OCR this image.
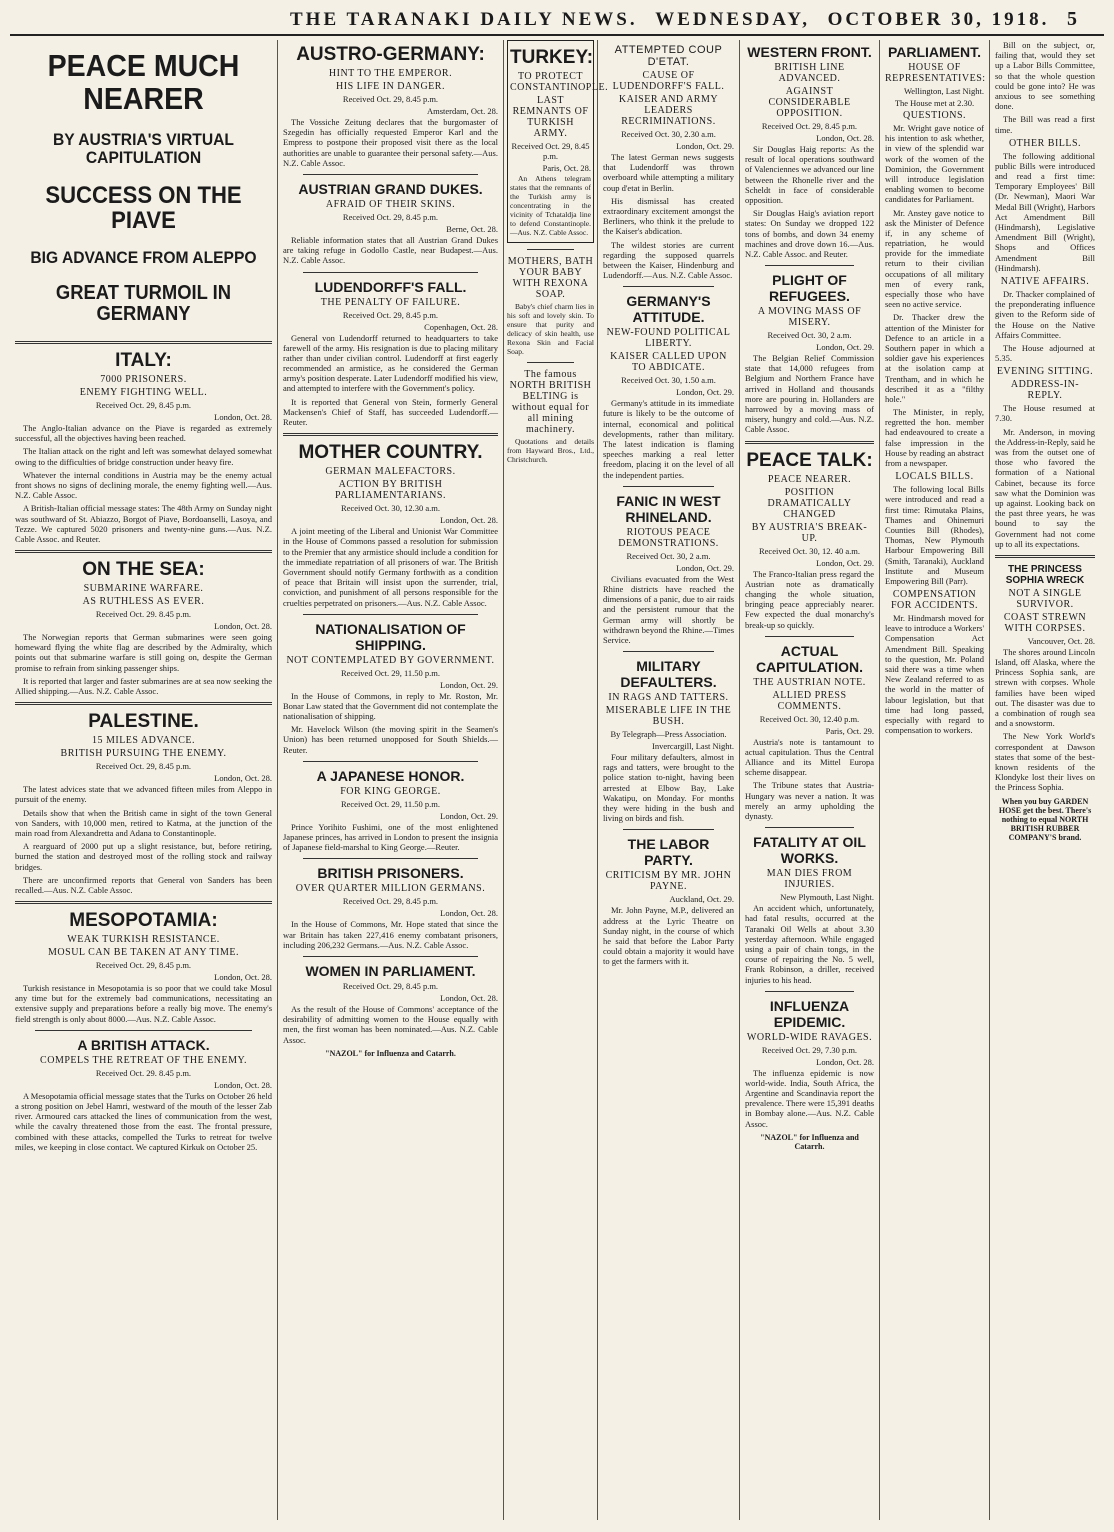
THE TARANAKI DAILY NEWS. WEDNESDAY, OCTOBER 30, 1918. 5
PEACE MUCH NEARER
BY AUSTRIA'S VIRTUAL CAPITULATION
SUCCESS ON THE PIAVE
BIG ADVANCE FROM ALEPPO
GREAT TURMOIL IN GERMANY
ITALY:
7000 PRISONERS.
ENEMY FIGHTING WELL.
Received Oct. 29, 8.45 p.m.
London, Oct. 28.

The Anglo-Italian advance on the Piave is regarded as extremely successful, all the objectives having been reached.

The Italian attack on the right and left was somewhat delayed somewhat owing to the difficulties of bridge construction under heavy fire.

Whatever the internal conditions in Austria may be the enemy actual front shows no signs of declining morale, the enemy fighting well.—Aus. N.Z. Cable Assoc.

A British-Italian official message states: The 48th Army on Sunday night was southward of St. Abiazzo, Borgot of Piave, Bordoanselli, Lasoya, and Tezze. We captured 5020 prisoners and twenty-nine guns.—Aus. N.Z. Cable Assoc. and Reuter.

ON THE SEA:
SUBMARINE WARFARE.
AS RUTHLESS AS EVER.
Received Oct. 29. 8.45 p.m.
London, Oct. 28.

The Norwegian reports that German submarines were seen going homeward flying the white flag are described by the Admiralty, which points out that submarine warfare is still going on, despite the German promise to refrain from sinking passenger ships.

It is reported that larger and faster submarines are at sea now seeking the Allied shipping.—Aus. N.Z. Cable Assoc.

PALESTINE.
15 MILES ADVANCE.
BRITISH PURSUING THE ENEMY.
Received Oct. 29, 8.45 p.m.
London, Oct. 28.

The latest advices state that we advanced fifteen miles from Aleppo in pursuit of the enemy.

Details show that when the British came in sight of the town General von Sanders, with 10,000 men, retired to Katma, at the junction of the main road from Alexandretta and Adana to Constantinople.

A rearguard of 2000 put up a slight resistance, but, before retiring, burned the station and destroyed most of the rolling stock and railway bridges.

There are unconfirmed reports that General von Sanders has been recalled.—Aus. N.Z. Cable Assoc.

MESOPOTAMIA:
WEAK TURKISH RESISTANCE.
MOSUL CAN BE TAKEN AT ANY TIME.
Received Oct. 29, 8.45 p.m.
London, Oct. 28.

Turkish resistance in Mesopotamia is so poor that we could take Mosul any time but for the extremely bad communications, necessitating an extensive supply and preparations before a really big move. The enemy's field strength is only about 8000.—Aus. N.Z. Cable Assoc.

A BRITISH ATTACK.
COMPELS THE RETREAT OF THE ENEMY.
Received Oct. 29. 8.45 p.m.
London, Oct. 28.

A Mesopotamia official message states that the Turks on October 26 held a strong position on Jebel Hamri, westward of the mouth of the lesser Zab river. Armoured cars attacked the lines of communication from the west, while the cavalry threatened those from the east. The frontal pressure, combined with these attacks, compelled the Turks to retreat for twelve miles, we keeping in close contact. We captured Kirkuk on October 25.

AUSTRO-GERMANY:
HINT TO THE EMPEROR.
HIS LIFE IN DANGER.
Received Oct. 29, 8.45 p.m.
Amsterdam, Oct. 28.

The Vossiche Zeitung declares that the burgomaster of Szegedin has officially requested Emperor Karl and the Empress to postpone their proposed visit there as the local authorities are unable to guarantee their personal safety.—Aus. N.Z. Cable Assoc.

AUSTRIAN GRAND DUKES.
AFRAID OF THEIR SKINS.
Received Oct. 29, 8.45 p.m.
Berne, Oct. 28.

Reliable information states that all Austrian Grand Dukes are taking refuge in Godollo Castle, near Budapest.—Aus. N.Z. Cable Assoc.

LUDENDORFF'S FALL.
THE PENALTY OF FAILURE.
Received Oct. 29, 8.45 p.m.
Copenhagen, Oct. 28.

General von Ludendorff returned to headquarters to take farewell of the army. His resignation is due to placing military rather than under civilian control. Ludendorff at first eagerly recommended an armistice, as he considered the German army's position desperate. Later Ludendorff modified his view, and attempted to interfere with the Government's policy.

It is reported that General von Stein, formerly General Mackensen's Chief of Staff, has succeeded Ludendorff.—Reuter.

MOTHER COUNTRY.
GERMAN MALEFACTORS.
ACTION BY BRITISH PARLIAMENTARIANS.
Received Oct. 30, 12.30 a.m.
London, Oct. 28.

A joint meeting of the Liberal and Unionist War Committee in the House of Commons passed a resolution for submission to the Premier that any armistice should include a condition for the immediate repatriation of all prisoners of war. The British Government should notify Germany forthwith as a condition of peace that Britain will insist upon the surrender, trial, conviction, and punishment of all persons responsible for the cruelties perpetrated on prisoners.—Aus. N.Z. Cable Assoc.

NATIONALISATION OF SHIPPING.
NOT CONTEMPLATED BY GOVERNMENT.
Received Oct. 29, 11.50 p.m.
London, Oct. 29.

In the House of Commons, in reply to Mr. Roston, Mr. Bonar Law stated that the Government did not contemplate the nationalisation of shipping.

Mr. Havelock Wilson (the moving spirit in the Seamen's Union) has been returned unopposed for South Shields.—Reuter.

A JAPANESE HONOR.
FOR KING GEORGE.
Received Oct. 29, 11.50 p.m.
London, Oct. 29.

Prince Yorihito Fushimi, one of the most enlightened Japanese princes, has arrived in London to present the insignia of Japanese field-marshal to King George.—Reuter.

BRITISH PRISONERS.
OVER QUARTER MILLION GERMANS.
Received Oct. 29, 8.45 p.m.
London, Oct. 28.

In the House of Commons, Mr. Hope stated that since the war Britain has taken 227,416 enemy combatant prisoners, including 206,232 Germans.—Aus. N.Z. Cable Assoc.

WOMEN IN PARLIAMENT.
Received Oct. 29, 8.45 p.m.
London, Oct. 28.

As the result of the House of Commons' acceptance of the desirability of admitting women to the House equally with men, the first woman has been nominated.—Aus. N.Z. Cable Assoc.

"NAZOL" for Influenza and Catarrh.
TURKEY:
TO PROTECT CONSTANTINOPLE.
LAST REMNANTS OF TURKISH ARMY.
Received Oct. 29, 8.45 p.m.
Paris, Oct. 28.

An Athens telegram states that the remnants of the Turkish army is concentrating in the vicinity of Tchataldja line to defend Constantinople.—Aus. N.Z. Cable Assoc.

MOTHERS, BATH YOUR BABY WITH REXONA SOAP.

Baby's chief charm lies in his soft and lovely skin. To ensure that purity and delicacy of skin health, use Rexona Skin and Facial Soap.

The famous NORTH BRITISH BELTING is without equal for all mining machinery.

Quotations and details from Hayward Bros., Ltd., Christchurch.

ATTEMPTED COUP D'ETAT.
CAUSE OF LUDENDORFF'S FALL.
KAISER AND ARMY LEADERS RECRIMINATIONS.
Received Oct. 30, 2.30 a.m.
London, Oct. 29.

The latest German news suggests that Ludendorff was thrown overboard while attempting a military coup d'etat in Berlin.

His dismissal has created extraordinary excitement amongst the Berliners, who think it the prelude to the Kaiser's abdication.

The wildest stories are current regarding the supposed quarrels between the Kaiser, Hindenburg and Ludendorff.—Aus. N.Z. Cable Assoc.

GERMANY'S ATTITUDE.
NEW-FOUND POLITICAL LIBERTY.
KAISER CALLED UPON TO ABDICATE.
Received Oct. 30, 1.50 a.m.
London, Oct. 29.

Germany's attitude in its immediate future is likely to be the outcome of internal, economical and political developments, rather than military. The latest indication is flaming speeches marking a real letter freedom, placing it on the level of all the independent parties.

FANIC IN WEST RHINELAND.
RIOTOUS PEACE DEMONSTRATIONS.
Received Oct. 30, 2 a.m.
London, Oct. 29.

Civilians evacuated from the West Rhine districts have reached the dimensions of a panic, due to air raids and the persistent rumour that the German army will shortly be withdrawn beyond the Rhine.—Times Service.

MILITARY DEFAULTERS.
IN RAGS AND TATTERS.
MISERABLE LIFE IN THE BUSH.
By Telegraph—Press Association.
Invercargill, Last Night.

Four military defaulters, almost in rags and tatters, were brought to the police station to-night, having been arrested at Elbow Bay, Lake Wakatipu, on Monday. For months they were hiding in the bush and living on birds and fish.

THE LABOR PARTY.
CRITICISM BY MR. JOHN PAYNE.
Auckland, Oct. 29.

Mr. John Payne, M.P., delivered an address at the Lyric Theatre on Sunday night, in the course of which he said that before the Labor Party could obtain a majority it would have to get the farmers with it.

WESTERN FRONT.
BRITISH LINE ADVANCED.
AGAINST CONSIDERABLE OPPOSITION.
Received Oct. 29, 8.45 p.m.
London, Oct. 28.

Sir Douglas Haig reports: As the result of local operations southward of Valenciennes we advanced our line between the Rhonelle river and the Scheldt in face of considerable opposition.

Sir Douglas Haig's aviation report states: On Sunday we dropped 122 tons of bombs, and down 34 enemy machines and drove down 16.—Aus. N.Z. Cable Assoc. and Reuter.

PLIGHT OF REFUGEES.
A MOVING MASS OF MISERY.
Received Oct. 30, 2 a.m.
London, Oct. 29.

The Belgian Relief Commission state that 14,000 refugees from Belgium and Northern France have arrived in Holland and thousands more are pouring in. Hollanders are harrowed by a moving mass of misery, hungry and cold.—Aus. N.Z. Cable Assoc.

PEACE TALK:
PEACE NEARER.
POSITION DRAMATICALLY CHANGED
BY AUSTRIA'S BREAK-UP.
Received Oct. 30, 12. 40 a.m.
London, Oct. 29.

The Franco-Italian press regard the Austrian note as dramatically changing the whole situation, bringing peace appreciably nearer. Few expected the dual monarchy's break-up so quickly.

ACTUAL CAPITULATION.
THE AUSTRIAN NOTE.
ALLIED PRESS COMMENTS.
Received Oct. 30, 12.40 p.m.
Paris, Oct. 29.

Austria's note is tantamount to actual capitulation. Thus the Central Alliance and its Mittel Europa scheme disappear.

The Tribune states that Austria-Hungary was never a nation. It was merely an army upholding the dynasty.

FATALITY AT OIL WORKS.
MAN DIES FROM INJURIES.
New Plymouth, Last Night.

An accident which, unfortunately, had fatal results, occurred at the Taranaki Oil Wells at about 3.30 yesterday afternoon. While engaged using a pair of chain tongs, in the course of repairing the No. 5 well, Frank Robinson, a driller, received injuries to his head.

INFLUENZA EPIDEMIC.
WORLD-WIDE RAVAGES.
Received Oct. 29, 7.30 p.m.
London, Oct. 28.

The influenza epidemic is now world-wide. India, South Africa, the Argentine and Scandinavia report the prevalence. There were 15,391 deaths in Bombay alone.—Aus. N.Z. Cable Assoc.

"NAZOL" for Influenza and Catarrh.
PARLIAMENT.
HOUSE OF REPRESENTATIVES:
Wellington, Last Night.
The House met at 2.30.
QUESTIONS.

Mr. Wright gave notice of his intention to ask whether, in view of the splendid war work of the women of the Dominion, the Government will introduce legislation enabling women to become candidates for Parliament.

Mr. Anstey gave notice to ask the Minister of Defence if, in any scheme of repatriation, he would provide for the immediate return to their civilian occupations of all military men of every rank, especially those who have seen no active service.

Dr. Thacker drew the attention of the Minister for Defence to an article in a Southern paper in which a soldier gave his experiences at the isolation camp at Trentham, and in which he described it as a "filthy hole."

The Minister, in reply, regretted the hon. member had endeavoured to create a false impression in the House by reading an abstract from a newspaper.

LOCALS BILLS.

The following local Bills were introduced and read a first time: Rimutaka Plains, Thames and Ohinemuri Counties Bill (Rhodes), Thomas, New Plymouth Harbour Empowering Bill (Smith, Taranaki), Auckland Institute and Museum Empowering Bill (Parr).

COMPENSATION FOR ACCIDENTS.

Mr. Hindmarsh moved for leave to introduce a Workers' Compensation Act Amendment Bill. Speaking to the question, Mr. Poland said there was a time when New Zealand referred to as the world in the matter of labour legislation, but that time had long passed, especially with regard to compensation to workers.

Bill on the subject, or, failing that, would they set up a Labor Bills Committee, so that the whole question could be gone into? He was anxious to see something done.

The Bill was read a first time.

OTHER BILLS.

The following additional public Bills were introduced and read a first time: Temporary Employees' Bill (Dr. Newman), Maori War Medal Bill (Wright), Harbors Act Amendment Bill (Hindmarsh), Legislative Amendment Bill (Wright), Shops and Offices Amendment Bill (Hindmarsh).

NATIVE AFFAIRS.

Dr. Thacker complained of the preponderating influence given to the Reform side of the House on the Native Affairs Committee.

The House adjourned at 5.35.

EVENING SITTING.
ADDRESS-IN-REPLY.

The House resumed at 7.30.

Mr. Anderson, in moving the Address-in-Reply, said he was from the outset one of those who favored the formation of a National Cabinet, because its force saw what the Dominion was up against. Looking back on the past three years, he was bound to say the Government had not come up to all its expectations.

THE PRINCESS SOPHIA WRECK
NOT A SINGLE SURVIVOR.
COAST STREWN WITH CORPSES.
Vancouver, Oct. 28.

The shores around Lincoln Island, off Alaska, where the Princess Sophia sank, are strewn with corpses. Whole families have been wiped out. The disaster was due to a combination of rough sea and a snowstorm.

The New York World's correspondent at Dawson states that some of the best-known residents of the Klondyke lost their lives on the Princess Sophia.

When you buy GARDEN HOSE get the best. There's nothing to equal NORTH BRITISH RUBBER COMPANY'S brand.
